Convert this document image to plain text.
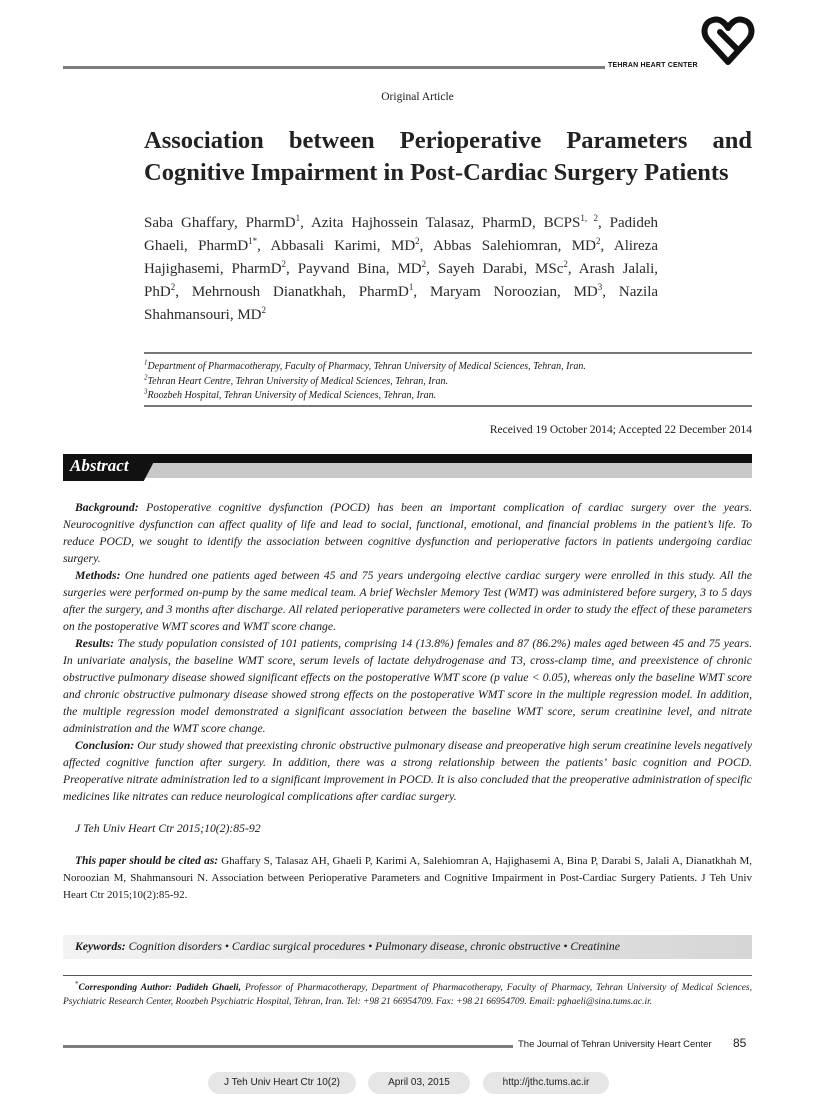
TEHRAN HEART CENTER
Original Article
Association between Perioperative Parameters and Cognitive Impairment in Post-Cardiac Surgery Patients
Saba Ghaffary, PharmD$^1$, Azita Hajhossein Talasaz, PharmD, BCPS$^{1, 2}$, Padideh Ghaeli, PharmD$^{1*}$, Abbasali Karimi, $MD^2$, Abbas Salehiomran, $MD^2$, Alireza Hajighasemi, PharmD$^2$, Payvand Bina, $MD^2$, Sayeh Darabi, MSc$^2$, Arash Jalali, PhD$^2$, Mehrnoush Dianatkhah, PharmD$^1$, Maryam Noroozian, $MD^3$, Nazila Shahmansouri, $MD^2$
$^1$Department of Pharmacotherapy, Faculty of Pharmacy, Tehran University of Medical Sciences, Tehran, Iran.
$^2$Tehran Heart Centre, Tehran University of Medical Sciences, Tehran, Iran.
$^3$Roozbeh Hospital, Tehran University of Medical Sciences, Tehran, Iran.
Received 19 October 2014; Accepted 22 December 2014
Abstract

Background: Postoperative cognitive dysfunction (POCD) has been an important complication of cardiac surgery over the years. Neurocognitive dysfunction can affect quality of life and lead to social, functional, emotional, and financial problems in the patient’s life. To reduce POCD, we sought to identify the association between cognitive dysfunction and perioperative factors in patients undergoing cardiac surgery.

Methods: One hundred one patients aged between 45 and 75 years undergoing elective cardiac surgery were enrolled in this study. All the surgeries were performed on-pump by the same medical team. A brief Wechsler Memory Test (WMT) was administered before surgery, 3 to 5 days after the surgery, and 3 months after discharge. All related perioperative parameters were collected in order to study the effect of these parameters on the postoperative WMT scores and WMT score change.

Results: The study population consisted of 101 patients, comprising 14 (13.8%) females and 87 (86.2%) males aged between 45 and 75 years. In univariate analysis, the baseline WMT score, serum levels of lactate dehydrogenase and T3, cross-clamp time, and preexistence of chronic obstructive pulmonary disease showed significant effects on the postoperative WMT score (p value < 0.05), whereas only the baseline WMT score and chronic obstructive pulmonary disease showed strong effects on the postoperative WMT score in the multiple regression model. In addition, the multiple regression model demonstrated a significant association between the baseline WMT score, serum creatinine level, and nitrate administration and the WMT score change.

Conclusion: Our study showed that preexisting chronic obstructive pulmonary disease and preoperative high serum creatinine levels negatively affected cognitive function after surgery. In addition, there was a strong relationship between the patients’ basic cognition and POCD. Preoperative nitrate administration led to a significant improvement in POCD. It is also concluded that the preoperative administration of specific medicines like nitrates can reduce neurological complications after cardiac surgery.

J Teh Univ Heart Ctr 2015;10(2):85-92
This paper should be cited as: Ghaffary S, Talasaz AH, Ghaeli P, Karimi A, Salehiomran A, Hajighasemi A, Bina P, Darabi S, Jalali A, Dianatkhah M, Noroozian M, Shahmansouri N. Association between Perioperative Parameters and Cognitive Impairment in Post-Cardiac Surgery Patients. J Teh Univ Heart Ctr 2015;10(2):85-92.
Keywords: Cognition disorders • Cardiac surgical procedures • Pulmonary disease, chronic obstructive • Creatinine
*Corresponding Author: Padideh Ghaeli, Professor of Pharmacotherapy, Department of Pharmacotherapy, Faculty of Pharmacy, Tehran University of Medical Sciences, Psychiatric Research Center, Roozbeh Psychiatric Hospital, Tehran, Iran. Tel: +98 21 66954709. Fax: +98 21 66954709. Email: pghaeli@sina.tums.ac.ir.
The Journal of Tehran University Heart Center 85
J Teh Univ Heart Ctr 10(2)	April 03, 2015	http://jthc.tums.ac.ir
